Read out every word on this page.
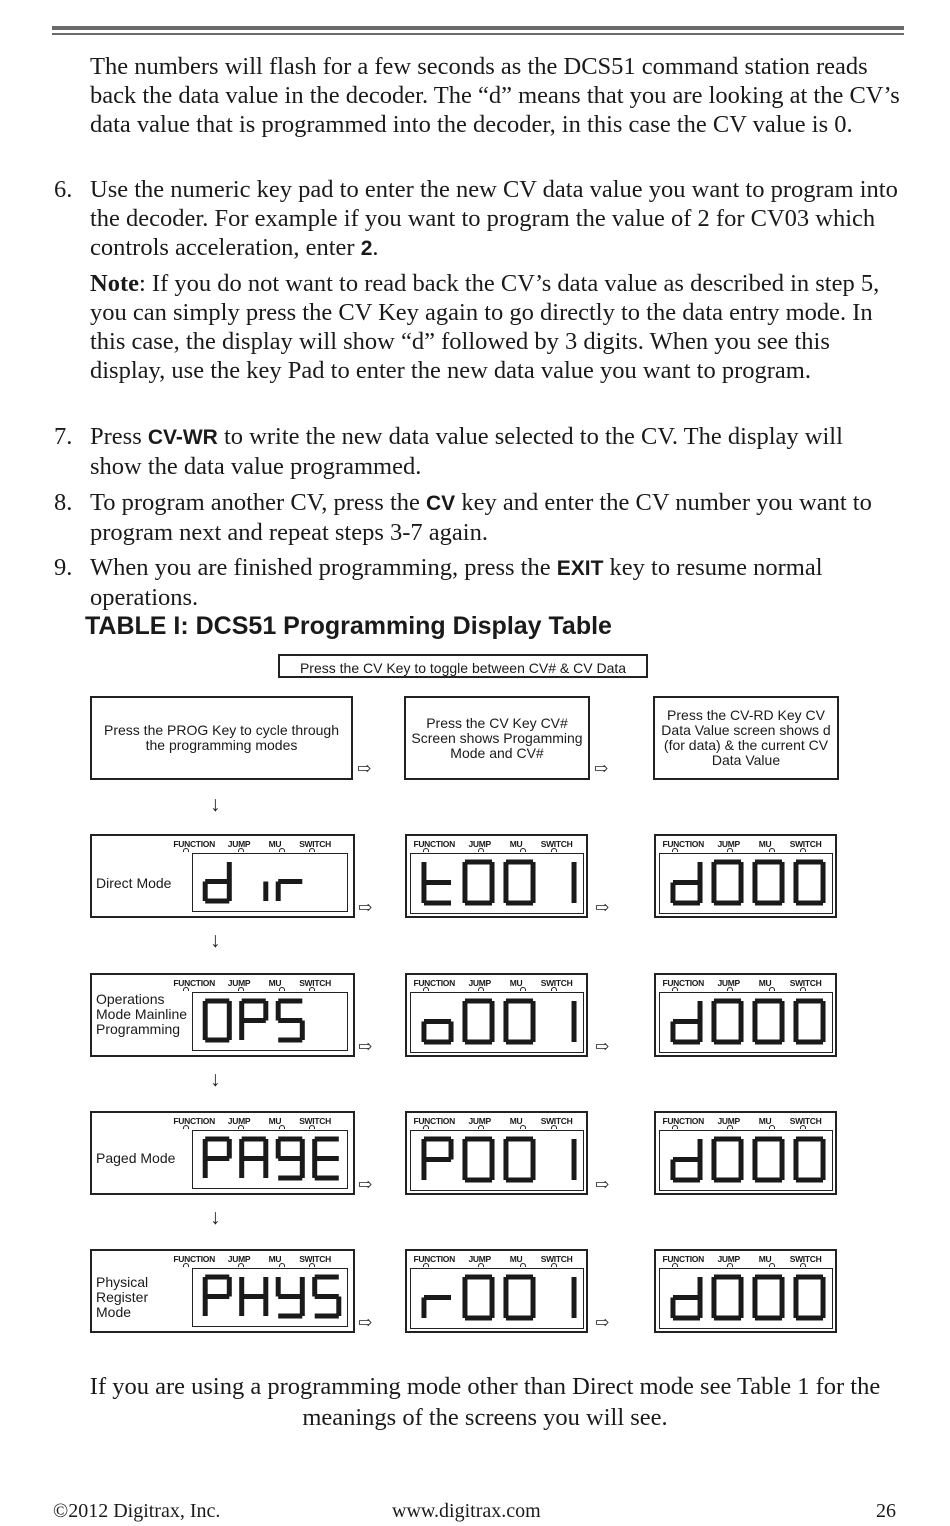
The numbers will flash for a few seconds as the DCS51 command station reads back the data value in the decoder. The “d” means that you are looking at the CV’s data value that is programmed into the decoder, in this case the CV value is 0.
6. Use the numeric key pad to enter the new CV data value you want to program into the decoder. For example if you want to program the value of 2 for CV03 which controls acceleration, enter 2.
Note: If you do not want to read back the CV’s data value as described in step 5, you can simply press the CV Key again to go directly to the data entry mode. In this case, the display will show “d” followed by 3 digits. When you see this display, use the key Pad to enter the new data value you want to program.
7. Press CV-WR to write the new data value selected to the CV. The display will show the data value programmed.
8. To program another CV, press the CV key and enter the CV number you want to program next and repeat steps 3-7 again.
9. When you are finished programming, press the EXIT key to resume normal operations.
TABLE I: DCS51 Programming Display Table
Press the CV Key to toggle between CV# & CV Data
Press the PROG Key to cycle through the programming modes
Press the CV Key CV# Screen shows Progamming Mode and CV#
Press the CV-RD Key CV Data Value screen shows d (for data) & the current CV Data Value
⇨	⇨
↓
Direct Mode
FUNCTION JUMP MU SWITCH	FUNCTION JUMP MU SWITCH	FUNCTION JUMP MU SWITCH
⇨	⇨
↓
Operations Mode Mainline Programming
FUNCTION JUMP MU SWITCH	FUNCTION JUMP MU SWITCH	FUNCTION JUMP MU SWITCH
⇨	⇨
↓
Paged Mode
FUNCTION JUMP MU SWITCH	FUNCTION JUMP MU SWITCH	FUNCTION JUMP MU SWITCH
⇨	⇨
↓
Physical Register Mode
FUNCTION JUMP MU SWITCH	FUNCTION JUMP MU SWITCH	FUNCTION JUMP MU SWITCH
⇨	⇨
If you are using a programming mode other than Direct mode see Table 1 for the meanings of the screens you will see.
©2012 Digitrax, Inc.	www.digitrax.com	26
